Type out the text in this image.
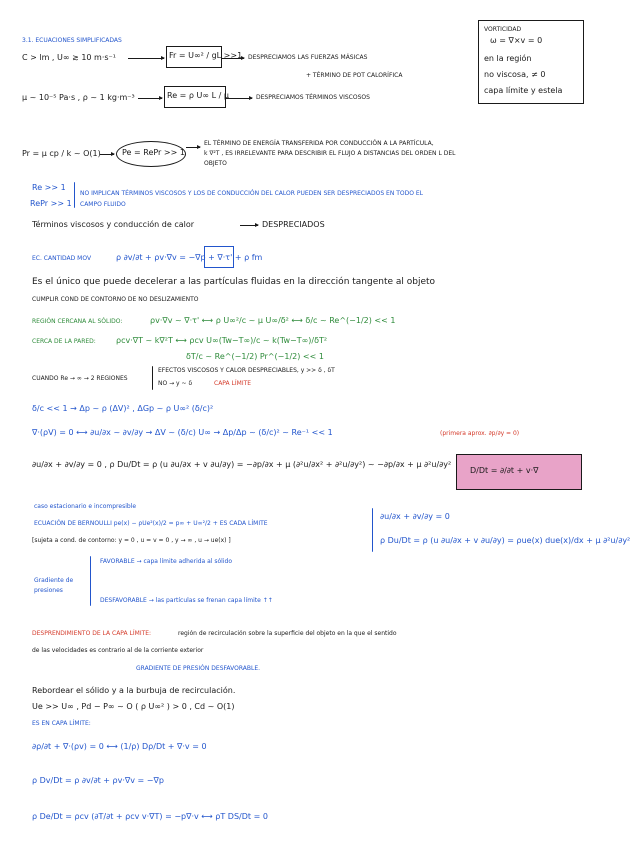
3.1. ECUACIONES SIMPLIFICADAS
C > lm , U∞ ≳ 10 m·s⁻¹	Fr = U∞² / gL >>1 DESPRECIAMOS LAS FUERZAS MÁSICAS
+ TÉRMINO DE POT CALORÍFICA
μ ~ 10⁻⁵ Pa·s , ρ ~ 1 kg·m⁻³	Re = ρ U∞ L / μ	DESPRECIAMOS TÉRMINOS VISCOSOS
VORTICIDAD
ω = ∇×v = 0
en la región
no viscosa, ≠ 0
capa límite y estela
Pr = μ cp / k ~ O(1)	Pe = RePr >> 1
EL TÉRMINO DE ENERGÍA TRANSFERIDA POR CONDUCCIÓN A LA PARTÍCULA,
k ∇²T , ES IRRELEVANTE PARA DESCRIBIR EL FLUJO A DISTANCIAS DEL ORDEN L DEL
OBJETO
Re >> 1
RePr >> 1
NO IMPLICAN TÉRMINOS VISCOSOS Y LOS DE CONDUCCIÓN DEL CALOR PUEDEN SER DESPRECIADOS EN TODO EL
CAMPO FLUIDO
Términos viscosos y conducción de calor	DESPRECIADOS
EC. CANTIDAD MOV	ρ ∂v/∂t + ρv·∇v = −∇p + ∇·τ' + ρ fm
Es el único que puede decelerar a las partículas fluidas en la dirección tangente al objeto
CUMPLIR COND DE CONTORNO DE NO DESLIZAMIENTO
REGIÓN CERCANA AL SÓLIDO:	ρv·∇v ~ ∇·τ' ⟷ ρ U∞²/c ~ μ U∞/δ² ⟷ δ/c ~ Re^(−1/2) << 1
CERCA DE LA PARED:	ρcv·∇T ~ k∇²T ⟷ ρcv U∞(Tw−T∞)/c ~ k(Tw−T∞)/δT²
δT/c ~ Re^(−1/2) Pr^(−1/2) << 1
CUANDO Re → ∞ → 2 REGIONES
EFECTOS VISCOSOS Y CALOR DESPRECIABLES, y >> δ , δT
NO → y ~ δ	CAPA LÍMITE
δ/c << 1 → Δp ~ ρ (ΔV)² , ΔGp ~ ρ U∞² (δ/c)²
∇·(ρV) = 0 ⟷ ∂u/∂x ~ ∂v/∂y → ΔV ~ (δ/c) U∞ → Δp/Δp ~ (δ/c)² ~ Re⁻¹ << 1	(primera aprox. ∂p/∂y = 0)
∂u/∂x + ∂v/∂y = 0 , ρ Du/Dt = ρ (u ∂u/∂x + v ∂u/∂y) = −∂p/∂x + μ (∂²u/∂x² + ∂²u/∂y²) ~ −∂p/∂x + μ ∂²u/∂y²
D/Dt = ∂/∂t + v·∇
caso estacionario e incompresible
ECUACIÓN DE BERNOULLI pe(x) − ρUe²(x)/2 = p∞ + U∞²/2 + ES CADA LÍMITE
[sujeta a cond. de contorno: y = 0 , u = v = 0 , y → ∞ , u → ue(x) ]
∂u/∂x + ∂v/∂y = 0
ρ Du/Dt = ρ (u ∂u/∂x + v ∂u/∂y) = ρue(x) due(x)/dx + μ ∂²u/∂y²
Gradiente de
presiones
FAVORABLE → capa límite adherida al sólido
DESFAVORABLE → las partículas se frenan capa límite ↑↑
DESPRENDIMIENTO DE LA CAPA LÍMITE:	región de recirculación sobre la superficie del objeto en la que el sentido
de las velocidades es contrario al de la corriente exterior
GRADIENTE DE PRESIÓN DESFAVORABLE.
Rebordear el sólido y a la burbuja de recirculación.
Ue >> U∞ , Pd − P∞ ~ O ( ρ U∞² ) > 0 , Cd ~ O(1)
ES EN CAPA LÍMITE:
∂ρ/∂t + ∇·(ρv) = 0 ⟷ (1/ρ) Dρ/Dt + ∇·v = 0
ρ Dv/Dt = ρ ∂v/∂t + ρv·∇v = −∇p
ρ De/Dt = ρcv (∂T/∂t + ρcv v·∇T) = −p∇·v ⟷ ρT DS/Dt = 0
